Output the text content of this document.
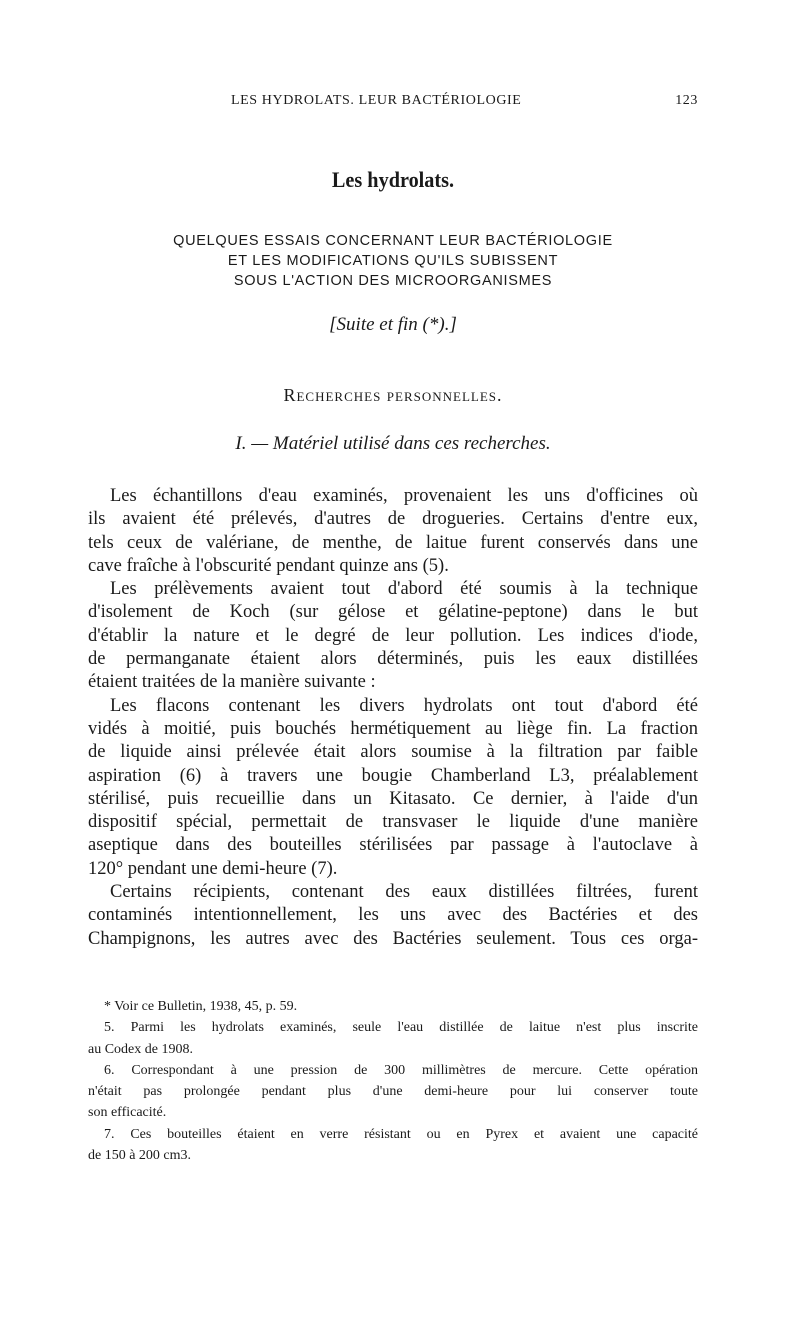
LES HYDROLATS. LEUR BACTÉRIOLOGIE	123
Les hydrolats.
QUELQUES ESSAIS CONCERNANT LEUR BACTÉRIOLOGIE
ET LES MODIFICATIONS QU'ILS SUBISSENT
SOUS L'ACTION DES MICROORGANISMES
[Suite et fin (*).]
Recherches personnelles.
I. — Matériel utilisé dans ces recherches.
Les échantillons d'eau examinés, provenaient les uns d'officines où
ils avaient été prélevés, d'autres de drogueries. Certains d'entre eux,
tels ceux de valériane, de menthe, de laitue furent conservés dans une
cave fraîche à l'obscurité pendant quinze ans (5).
Les prélèvements avaient tout d'abord été soumis à la technique
d'isolement de Koch (sur gélose et gélatine-peptone) dans le but
d'établir la nature et le degré de leur pollution. Les indices d'iode,
de permanganate étaient alors déterminés, puis les eaux distillées
étaient traitées de la manière suivante :
Les flacons contenant les divers hydrolats ont tout d'abord été
vidés à moitié, puis bouchés hermétiquement au liège fin. La fraction
de liquide ainsi prélevée était alors soumise à la filtration par faible
aspiration (6) à travers une bougie Chamberland L3, préalablement
stérilisé, puis recueillie dans un Kitasato. Ce dernier, à l'aide d'un
dispositif spécial, permettait de transvaser le liquide d'une manière
aseptique dans des bouteilles stérilisées par passage à l'autoclave à
120° pendant une demi-heure (7).
Certains récipients, contenant des eaux distillées filtrées, furent
contaminés intentionnellement, les uns avec des Bactéries et des
Champignons, les autres avec des Bactéries seulement. Tous ces orga-
* Voir ce Bulletin, 1938, 45, p. 59.
5. Parmi les hydrolats examinés, seule l'eau distillée de laitue n'est plus inscrite
au Codex de 1908.
6. Correspondant à une pression de 300 millimètres de mercure. Cette opération
n'était pas prolongée pendant plus d'une demi-heure pour lui conserver toute
son efficacité.
7. Ces bouteilles étaient en verre résistant ou en Pyrex et avaient une capacité
de 150 à 200 cm3.
